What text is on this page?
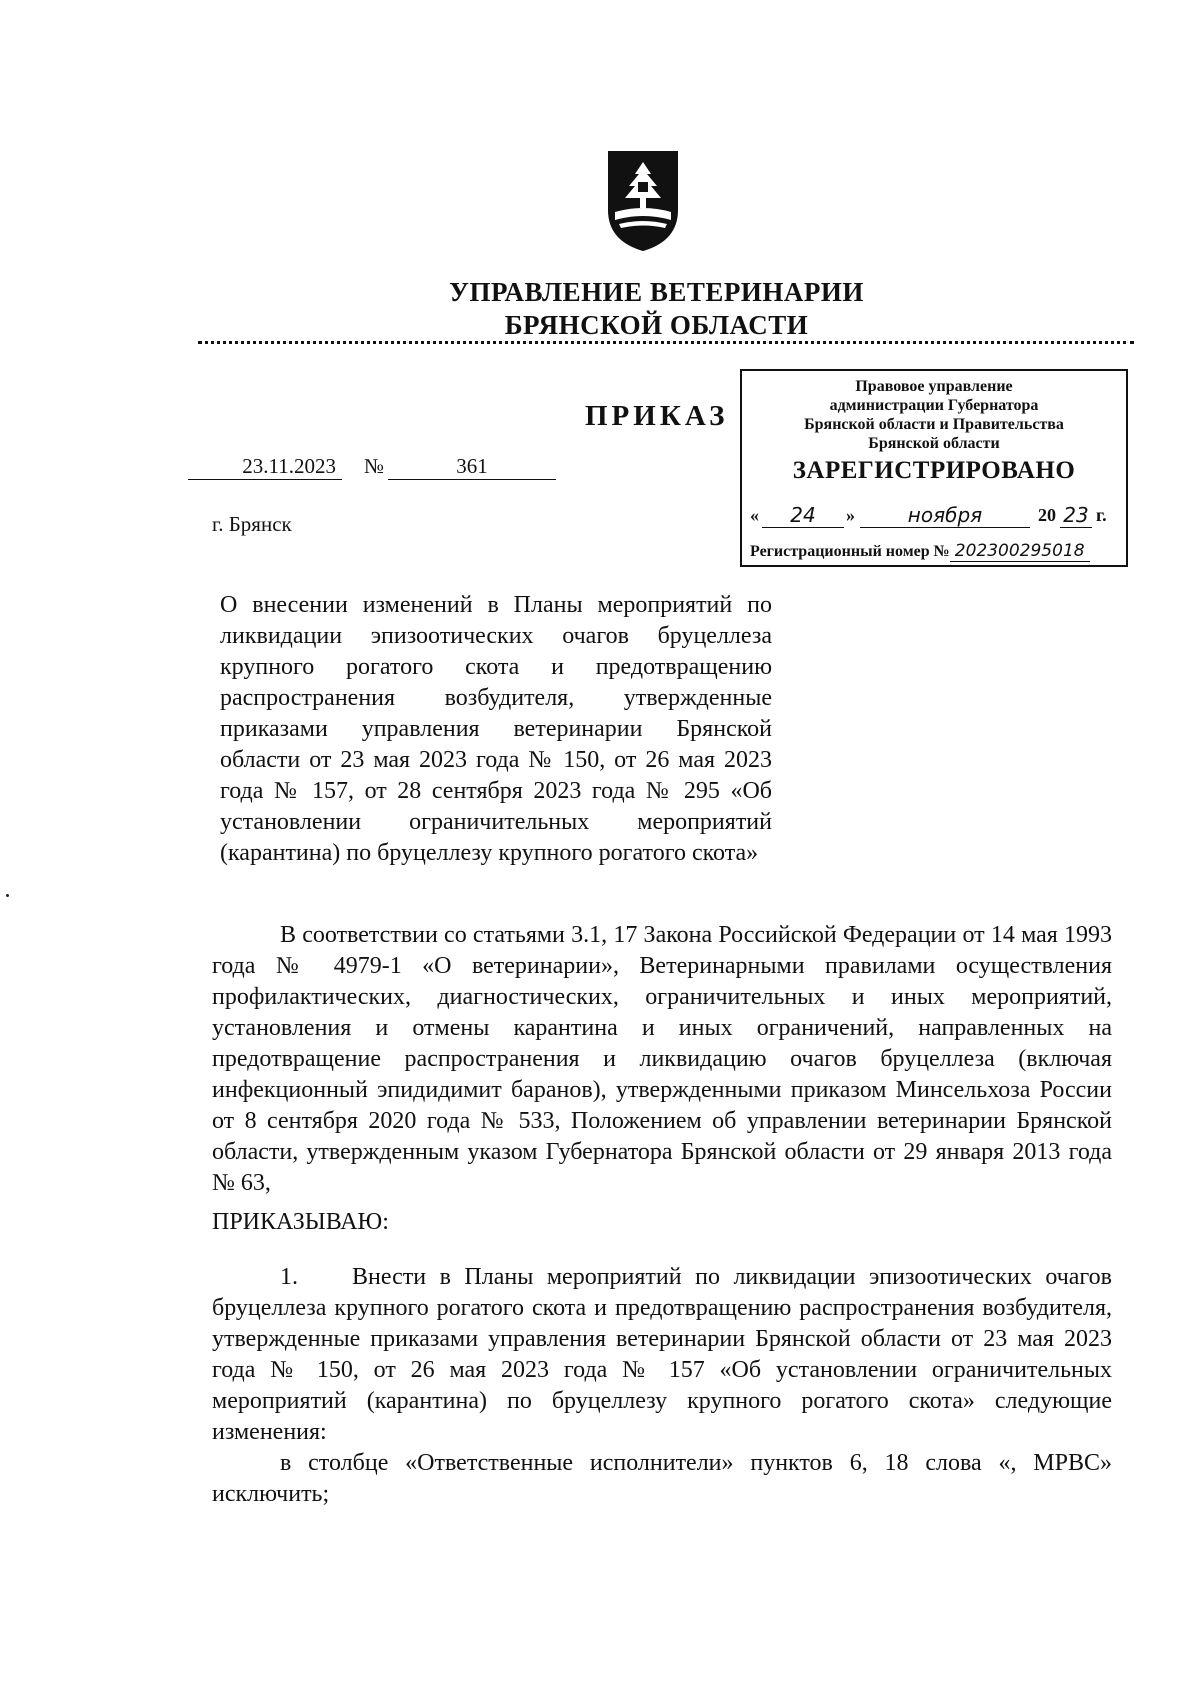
УПРАВЛЕНИЕ ВЕТЕРИНАРИИ
БРЯНСКОЙ ОБЛАСТИ
ПРИКАЗ
23.11.2023 №	361
г. Брянск
Правовое управление
администрации Губернатора
Брянской области и Правительства
Брянской области
ЗАРЕГИСТРИРОВАНО
«	24	»	ноября	20 23 г.
Регистрационный номер № 202300295018
О внесении изменений в Планы мероприятий по ликвидации эпизоотических очагов бруцеллеза крупного рогатого скота и предотвращению распространения возбудителя, утвержденные приказами управления ветеринарии Брянской области от 23 мая 2023 года № 150, от 26 мая 2023 года № 157, от 28 сентября 2023 года № 295 «Об установлении ограничительных мероприятий (карантина) по бруцеллезу крупного рогатого скота»
В соответствии со статьями 3.1, 17 Закона Российской Федерации от 14 мая 1993 года № 4979-1 «О ветеринарии», Ветеринарными правилами осуществления профилактических, диагностических, ограничительных и иных мероприятий, установления и отмены карантина и иных ограничений, направленных на предотвращение распространения и ликвидацию очагов бруцеллеза (включая инфекционный эпидидимит баранов), утвержденными приказом Минсельхоза России от 8 сентября 2020 года № 533, Положением об управлении ветеринарии Брянской области, утвержденным указом Губернатора Брянской области от 29 января 2013 года № 63,
ПРИКАЗЫВАЮ:
1.    Внести в Планы мероприятий по ликвидации эпизоотических очагов бруцеллеза крупного рогатого скота и предотвращению распространения возбудителя, утвержденные приказами управления ветеринарии Брянской области от 23 мая 2023 года № 150, от 26 мая 2023 года № 157 «Об установлении ограничительных мероприятий (карантина) по бруцеллезу крупного рогатого скота» следующие изменения:
в столбце «Ответственные исполнители» пунктов 6, 18 слова «, МРВС» исключить;
